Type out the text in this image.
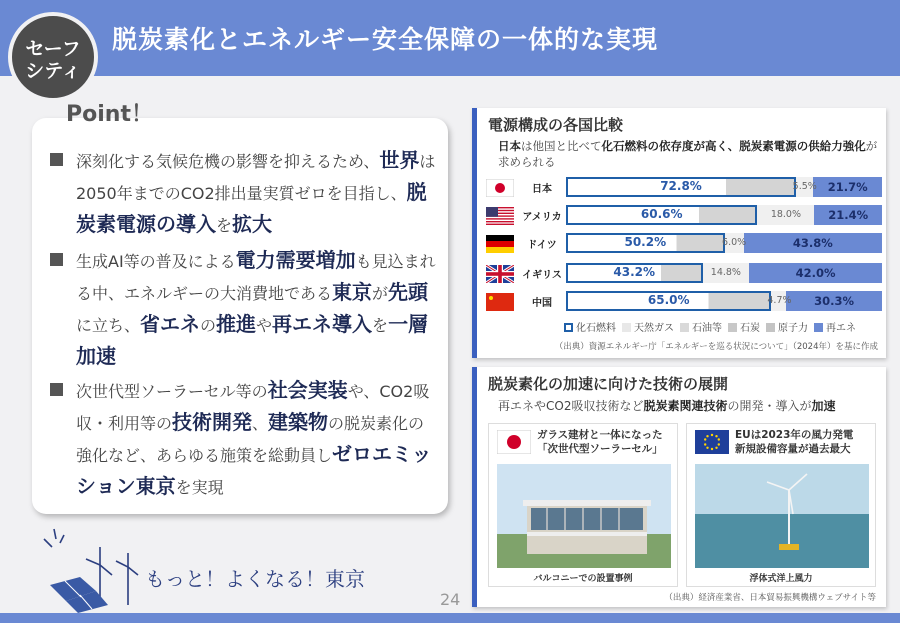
脱炭素化とエネルギー安全保障の一体的な実現
セーフ
シティ
Point！
深刻化する気候危機の影響を抑えるため、世界は2050年までのCO2排出量実質ゼロを目指し、脱炭素電源の導入を拡大
生成AI等の普及による電力需要増加も見込まれる中、エネルギーの大消費地である東京が先頭に立ち、省エネの推進や再エネ導入を一層加速
次世代型ソーラーセル等の社会実装や、CO2吸収・利用等の技術開発、建築物の脱炭素化の強化など、あらゆる施策を総動員しゼロエミッション東京を実現
もっと！よくなる！東京
24
電源構成の各国比較
日本は他国と比べて化石燃料の依存度が高く、脱炭素電源の供給力強化が求められる
日本	72.8%	5.5% 21.7%
アメリカ	60.6%	18.0%	21.4%
ドイツ	50.2%	6.0%	43.8%
イギリス	43.2%	14.8%	42.0%
中国	65.0%	4.7%	30.3%
化石燃料 天然ガス 石油等 石炭 原子力 再エネ
（出典）資源エネルギー庁「エネルギーを巡る状況について」（2024年）を基に作成
脱炭素化の加速に向けた技術の展開
再エネやCO2吸収技術など脱炭素関連技術の開発・導入が加速
ガラス建材と一体になった
「次世代型ソーラーセル」
バルコニーでの設置事例
EUは2023年の風力発電
新規設備容量が過去最大
浮体式洋上風力
（出典）経済産業省、日本貿易振興機構ウェブサイト等
